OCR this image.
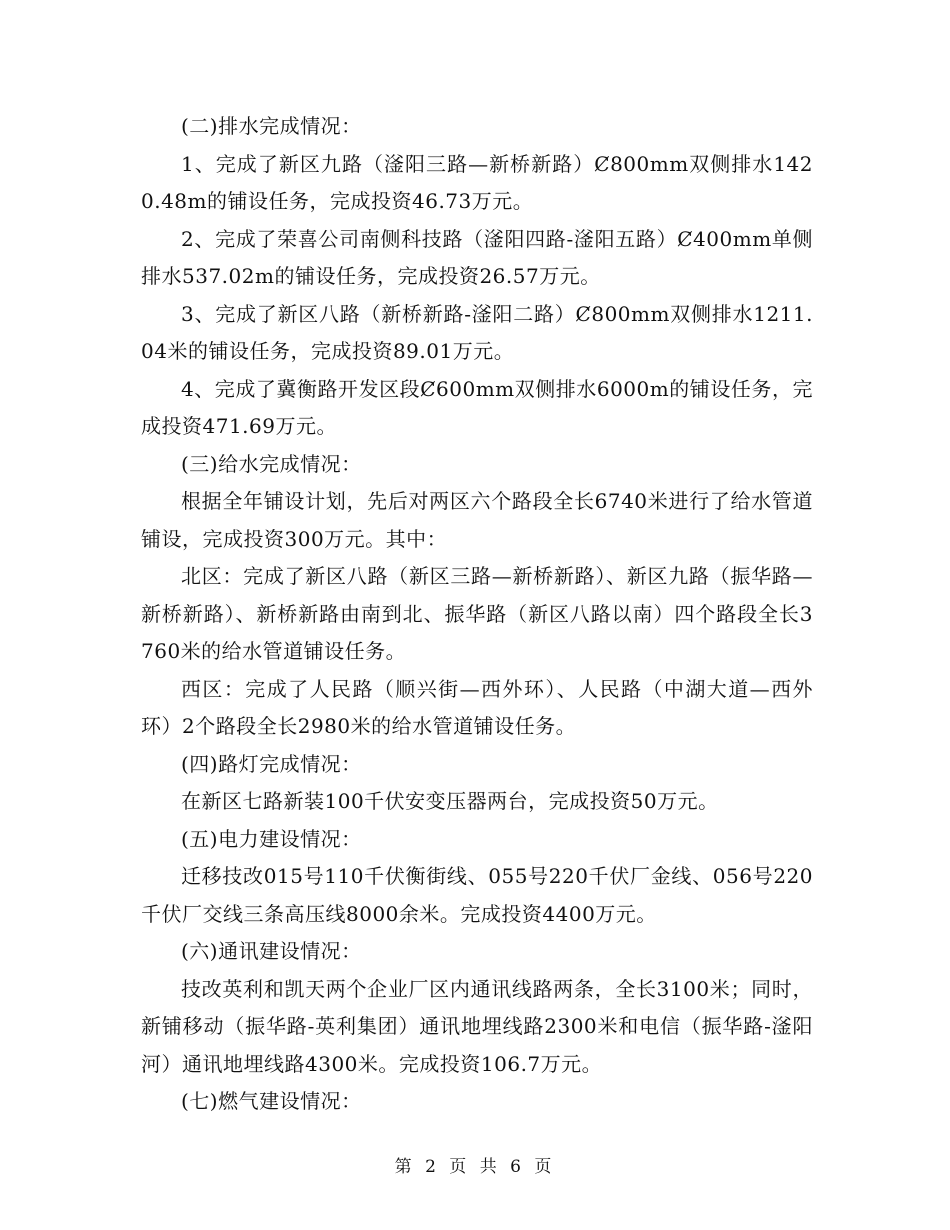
(二)排水完成情况：

1、完成了新区九路（滏阳三路—新桥新路）Ȼ800mm双侧排水1420.48m的铺设任务，完成投资46.73万元。

2、完成了荣喜公司南侧科技路（滏阳四路-滏阳五路）Ȼ400mm单侧排水537.02m的铺设任务，完成投资26.57万元。

3、完成了新区八路（新桥新路-滏阳二路）Ȼ800mm双侧排水1211.04米的铺设任务，完成投资89.01万元。

4、完成了冀衡路开发区段Ȼ600mm双侧排水6000m的铺设任务，完成投资471.69万元。

(三)给水完成情况：

根据全年铺设计划，先后对两区六个路段全长6740米进行了给水管道铺设，完成投资300万元。其中：

北区：完成了新区八路（新区三路—新桥新路）、新区九路（振华路—新桥新路）、新桥新路由南到北、振华路（新区八路以南）四个路段全长3760米的给水管道铺设任务。

西区：完成了人民路（顺兴街—西外环）、人民路（中湖大道—西外环）2个路段全长2980米的给水管道铺设任务。

(四)路灯完成情况：

在新区七路新装100千伏安变压器两台，完成投资50万元。

(五)电力建设情况：

迁移技改015号110千伏衡街线、055号220千伏厂金线、056号220千伏厂交线三条高压线8000余米。完成投资4400万元。

(六)通讯建设情况：

技改英利和凯天两个企业厂区内通讯线路两条，全长3100米；同时，新铺移动（振华路-英利集团）通讯地埋线路2300米和电信（振华路-滏阳河）通讯地埋线路4300米。完成投资106.7万元。

(七)燃气建设情况：

第 2 页 共 6 页
